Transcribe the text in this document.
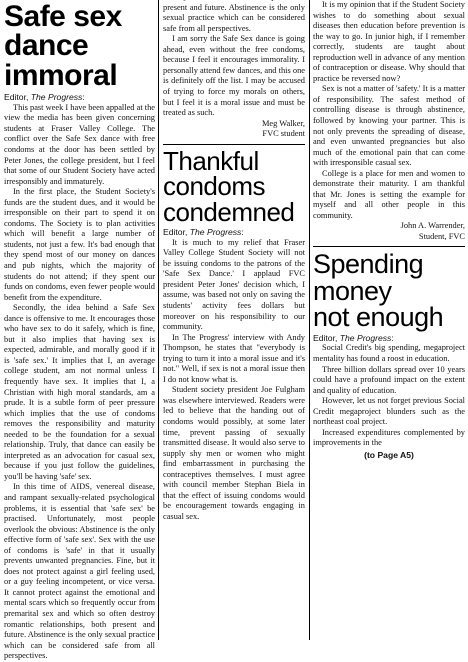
Safe sex
dance
immoral
Editor, The Progress:

This past week I have been appalled at the view the media has been given concerning students at Fraser Valley College. The conflict over the Safe Sex dance with free condoms at the door has been settled by Peter Jones, the college president, but I feel that some of our Student Society have acted irresponsibly and immaturely.

In the first place, the Student Society's funds are the student dues, and it would be irresponsible on their part to spend it on condoms. The Society is to plan activities which will benefit a large number of students, not just a few. It's bad enough that they spend most of our money on dances and pub nights, which the majority of students do not attend; if they spent our funds on condoms, even fewer people would benefit from the expenditure.

Secondly, the idea behind a Safe Sex dance is offensive to me. It encourages those who have sex to do it safely, which is fine, but it also implies that having sex is expected, admirable, and morally good if it is 'safe sex.' It implies that I, an average college student, am not normal unless I frequently have sex. It implies that I, a Christian with high moral standards, am a prude. It is a subtle form of peer pressure which implies that the use of condoms removes the responsibility and maturity needed to be the foundation for a sexual relationship. Truly, that dance can easily be interpreted as an advocation for casual sex, because if you just follow the guidelines, you'll be having 'safe' sex.

In this time of AIDS, venereal disease, and rampant sexually-related psychological problems, it is essential that 'safe sex' be practised. Unfortunately, most people overlook the obvious: Abstinence is the only effective form of 'safe sex'. Sex with the use of condoms is 'safe' in that it usually prevents unwanted pregnancies. Fine, but it does not protect against a girl feeling used, or a guy feeling incompetent, or vice versa. It cannot protect against the emotional and mental scars which so frequently occur from premarital sex and which so often destroy romantic relationships, both present and future. Abstinence is the only sexual practice which can be considered safe from all perspectives.

present and future. Abstinence is the only sexual practice which can be considered safe from all perspectives.

I am sorry the Safe Sex dance is going ahead, even without the free condoms, because I feel it encourages immorality. I personally attend few dances, and this one is definitely off the list. I may be accused of trying to force my morals on others, but I feel it is a moral issue and must be treated as such.

Meg Walker,
FVC student
Thankful
condoms
condemned
Editor, The Progress:

It is much to my relief that Fraser Valley College Student Society will not be issuing condoms to the patrons of the 'Safe Sex Dance.' I applaud FVC president Peter Jones' decision which, I assume, was based not only on saving the students' activity fees dollars but moreover on his responsibility to our community.

In The Progress' interview with Andy Thompson, he states that "everybody is trying to turn it into a moral issue and it's not." Well, if sex is not a moral issue then I do not know what is.

Student society president Joe Fulgham was elsewhere interviewed. Readers were led to believe that the handing out of condoms would possibly, at some later time, prevent passing of sexually transmitted disease. It would also serve to supply shy men or women who might find embarrassment in purchasing the contraceptives themselves. I must agree with council member Stephan Biela in that the effect of issuing condoms would be encouragement towards engaging in casual sex.

It is my opinion that if the Student Society wishes to do something about sexual diseases then education before prevention is the way to go. In junior high, if I remember correctly, students are taught about reproduction well in advance of any mention of contraception or disease. Why should that practice be reversed now?

Sex is not a matter of 'safety.' It is a matter of responsibility. The safest method of controlling disease is through abstinence, followed by knowing your partner. This is not only prevents the spreading of disease, and even unwanted pregnancies but also much of the emotional pain that can come with irresponsible casual sex.

College is a place for men and women to demonstrate their maturity. I am thankful that Mr. Jones is setting the example for myself and all other people in this community.

John A. Warrender,
Student, FVC
Spending
money
not enough
Editor, The Progress:

Social Credit's big spending, megaproject mentality has found a roost in education.

Three billion dollars spread over 10 years could have a profound impact on the extent and quality of education.

However, let us not forget previous Social Credit megaproject blunders such as the northeast coal project.

Increased expenditures complemented by improvements in the

(to Page A5)
